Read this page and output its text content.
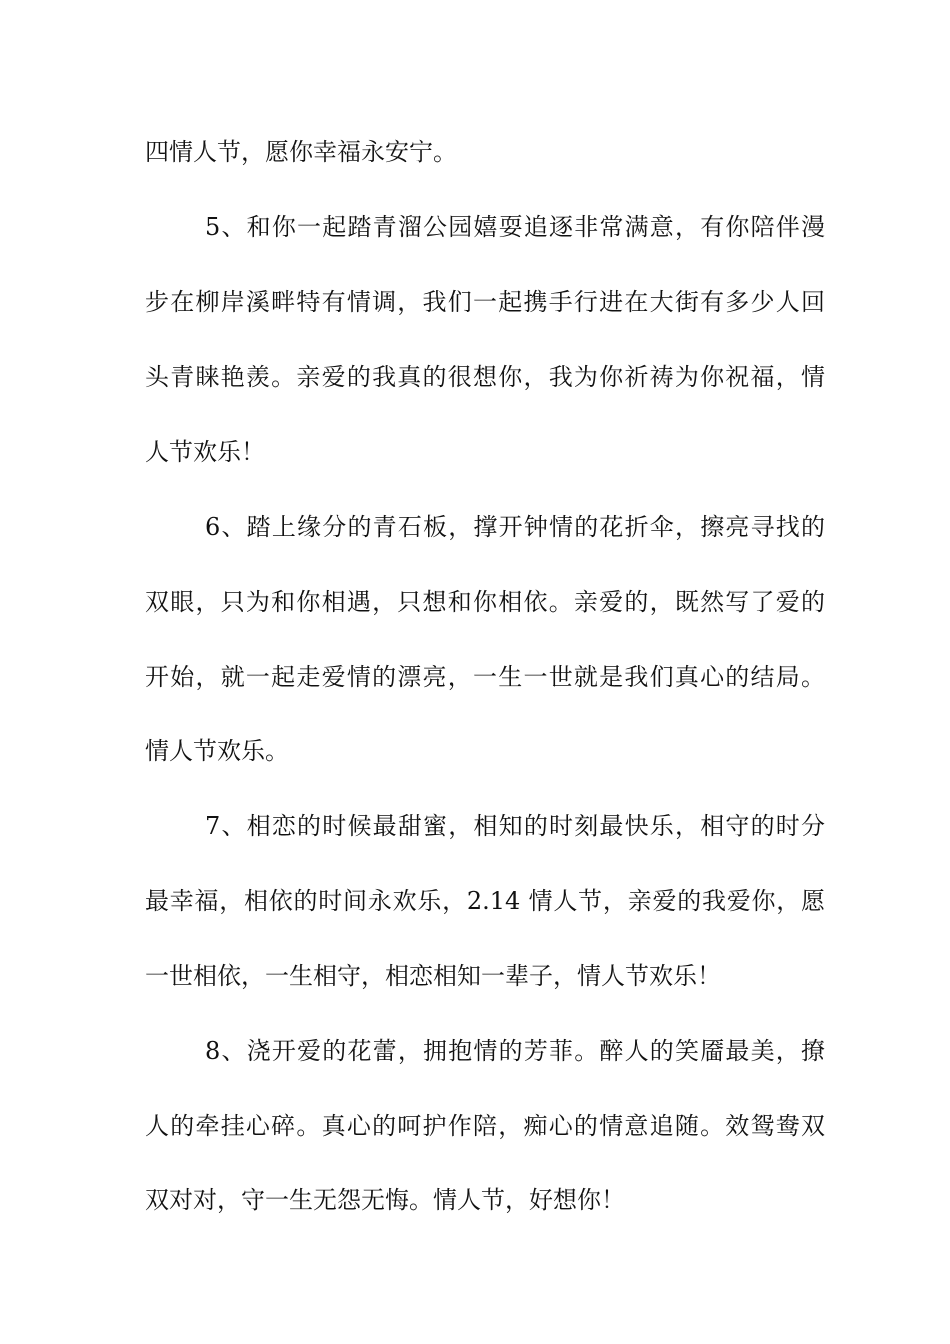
四情人节，愿你幸福永安宁。
5、和你一起踏青溜公园嬉耍追逐非常满意，有你陪伴漫
步在柳岸溪畔特有情调，我们一起携手行进在大街有多少人回
头青睐艳羡。亲爱的我真的很想你，我为你祈祷为你祝福，情
人节欢乐！
6、踏上缘分的青石板，撑开钟情的花折伞，擦亮寻找的
双眼，只为和你相遇，只想和你相依。亲爱的，既然写了爱的
开始，就一起走爱情的漂亮，一生一世就是我们真心的结局。
情人节欢乐。
7、相恋的时候最甜蜜，相知的时刻最快乐，相守的时分
最幸福，相依的时间永欢乐，2.14 情人节，亲爱的我爱你，愿
一世相依，一生相守，相恋相知一辈子，情人节欢乐！
8、浇开爱的花蕾，拥抱情的芳菲。醉人的笑靥最美，撩
人的牵挂心碎。真心的呵护作陪，痴心的情意追随。效鸳鸯双
双对对，守一生无怨无悔。情人节，好想你！
